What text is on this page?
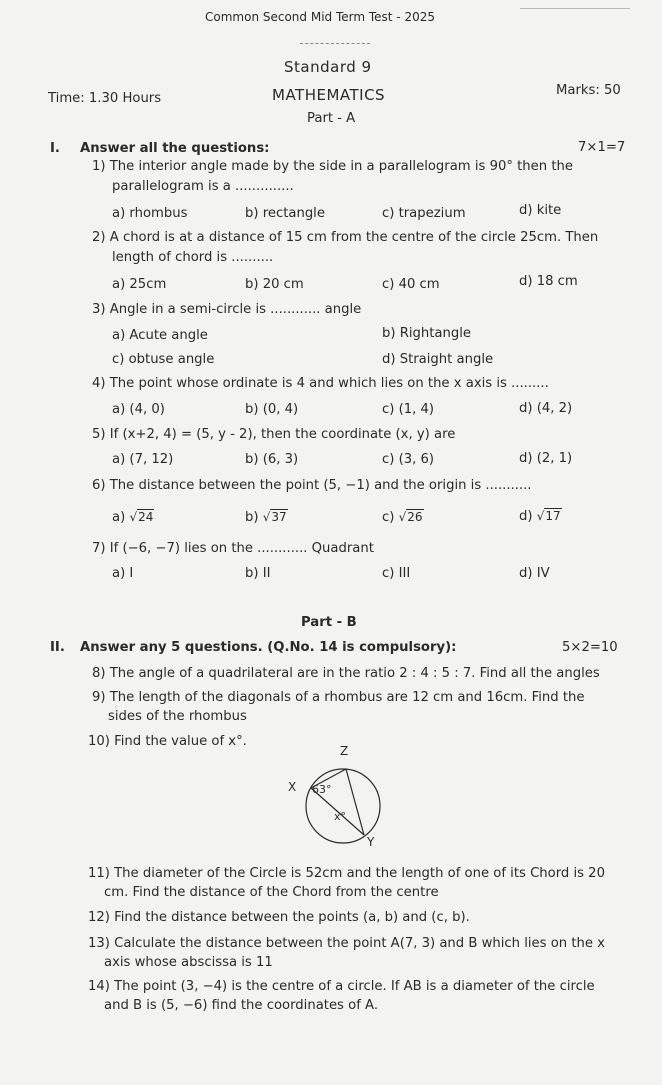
Common Second Mid Term Test - 2025
Standard 9
Time: 1.30 Hours	MATHEMATICS	Marks: 50
Part - A
I. Answer all the questions:	7×1=7
1) The interior angle made by the side in a parallelogram is 90° then the
parallelogram is a ..............
a) rhombus	b) rectangle	c) trapezium	d) kite
2) A chord is at a distance of 15 cm from the centre of the circle 25cm. Then
length of chord is ..........
a) 25cm	b) 20 cm	c) 40 cm	d) 18 cm
3) Angle in a semi-circle is ............ angle
a) Acute angle	b) Rightangle
c) obtuse angle	d) Straight angle
4) The point whose ordinate is 4 and which lies on the x axis is .........
a) (4, 0)	b) (0, 4)	c) (1, 4)	d) (4, 2)
5) If (x+2, 4) = (5, y - 2), then the coordinate (x, y) are
a) (7, 12)	b) (6, 3)	c) (3, 6)	d) (2, 1)
6) The distance between the point (5, −1) and the origin is ...........
a) √24	b) √37	c) √26	d) √17
7) If (−6, −7) lies on the ............ Quadrant
a) I	b) II	c) III	d) IV
Part - B
II. Answer any 5 questions. (Q.No. 14 is compulsory):	5×2=10
8) The angle of a quadrilateral are in the ratio 2 : 4 : 5 : 7. Find all the angles
9) The length of the diagonals of a rhombus are 12 cm and 16cm. Find the
sides of the rhombus
10) Find the value of x°.
Z
X
Y
63°
x°
11) The diameter of the Circle is 52cm and the length of one of its Chord is 20
cm. Find the distance of the Chord from the centre
12) Find the distance between the points (a, b) and (c, b).
13) Calculate the distance between the point A(7, 3) and B which lies on the x
axis whose abscissa is 11
14) The point (3, −4) is the centre of a circle. If AB is a diameter of the circle
and B is (5, −6) find the coordinates of A.
